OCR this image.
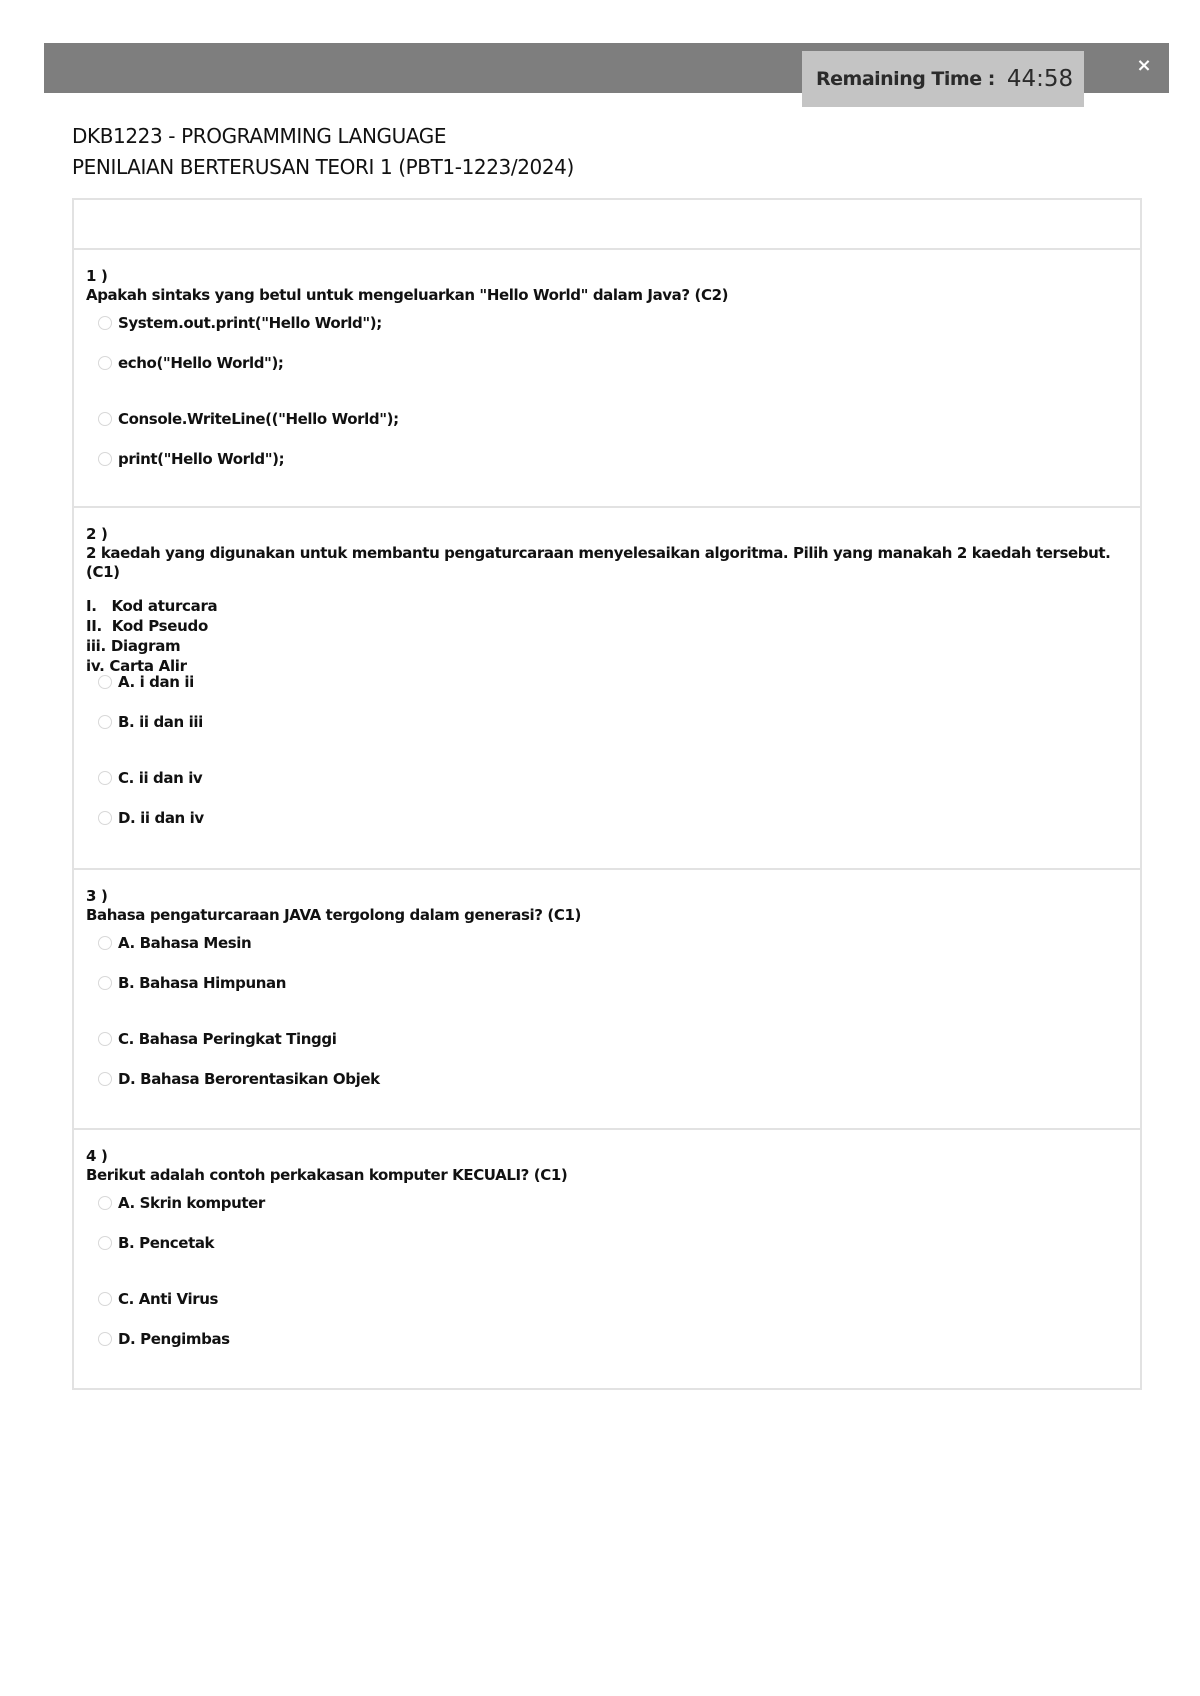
Remaining Time : 44:58
×
DKB1223 - PROGRAMMING LANGUAGE
PENILAIAN BERTERUSAN TEORI 1 (PBT1-1223/2024)
1 )
Apakah sintaks yang betul untuk mengeluarkan "Hello World" dalam Java? (C2)
System.out.print("Hello World");
echo("Hello World");
Console.WriteLine(("Hello World");
print("Hello World");
2 )
2 kaedah yang digunakan untuk membantu pengaturcaraan menyelesaikan algoritma. Pilih yang manakah 2 kaedah tersebut. (C1)
I.   Kod aturcara
II.  Kod Pseudo
iii. Diagram
iv. Carta Alir
A. i dan ii
B. ii dan iii
C. ii dan iv
D. ii dan iv
3 )
Bahasa pengaturcaraan JAVA tergolong dalam generasi? (C1)
A. Bahasa Mesin
B. Bahasa Himpunan
C. Bahasa Peringkat Tinggi
D. Bahasa Berorentasikan Objek
4 )
Berikut adalah contoh perkakasan komputer KECUALI? (C1)
A. Skrin komputer
B. Pencetak
C. Anti Virus
D. Pengimbas
